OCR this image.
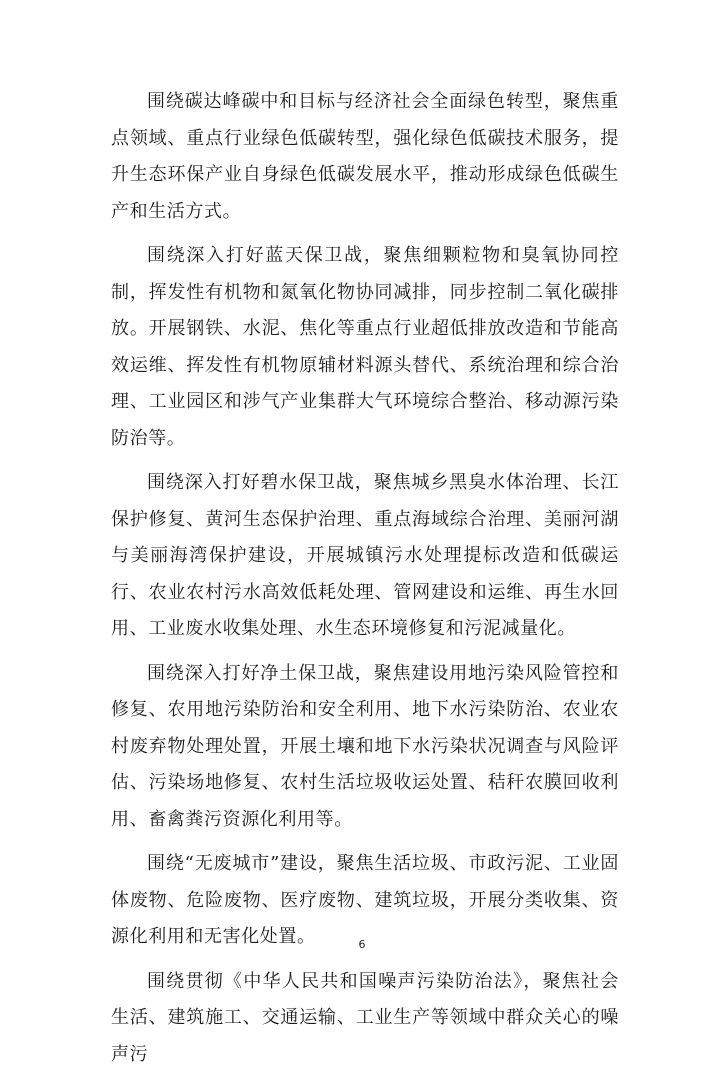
围绕碳达峰碳中和目标与经济社会全面绿色转型，聚焦重点领域、重点行业绿色低碳转型，强化绿色低碳技术服务，提升生态环保产业自身绿色低碳发展水平，推动形成绿色低碳生产和生活方式。

围绕深入打好蓝天保卫战，聚焦细颗粒物和臭氧协同控制，挥发性有机物和氮氧化物协同减排，同步控制二氧化碳排放。开展钢铁、水泥、焦化等重点行业超低排放改造和节能高效运维、挥发性有机物原辅材料源头替代、系统治理和综合治理、工业园区和涉气产业集群大气环境综合整治、移动源污染防治等。

围绕深入打好碧水保卫战，聚焦城乡黑臭水体治理、长江保护修复、黄河生态保护治理、重点海域综合治理、美丽河湖与美丽海湾保护建设，开展城镇污水处理提标改造和低碳运行、农业农村污水高效低耗处理、管网建设和运维、再生水回用、工业废水收集处理、水生态环境修复和污泥减量化。

围绕深入打好净土保卫战，聚焦建设用地污染风险管控和修复、农用地污染防治和安全利用、地下水污染防治、农业农村废弃物处理处置，开展土壤和地下水污染状况调查与风险评估、污染场地修复、农村生活垃圾收运处置、秸秆农膜回收利用、畜禽粪污资源化利用等。

围绕“无废城市”建设，聚焦生活垃圾、市政污泥、工业固体废物、危险废物、医疗废物、建筑垃圾，开展分类收集、资源化利用和无害化处置。

围绕贯彻《中华人民共和国噪声污染防治法》，聚焦社会生活、建筑施工、交通运输、工业生产等领域中群众关心的噪声污

6
